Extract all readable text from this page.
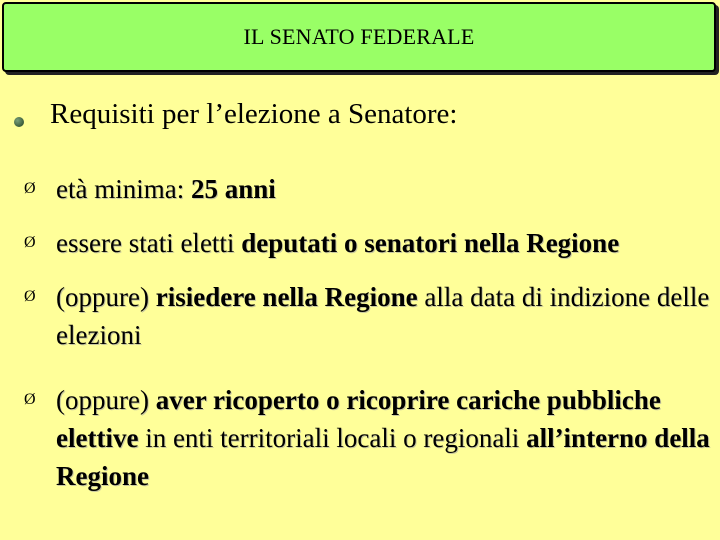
IL SENATO FEDERALE
Requisiti per l’elezione a Senatore:
Ø età minima: 25 anni
Ø essere stati eletti deputati o senatori nella Regione
Ø (oppure) risiedere nella Regione alla data di indizione delle elezioni
Ø (oppure) aver ricoperto o ricoprire cariche pubbliche elettive in enti territoriali locali o regionali all’interno della Regione
